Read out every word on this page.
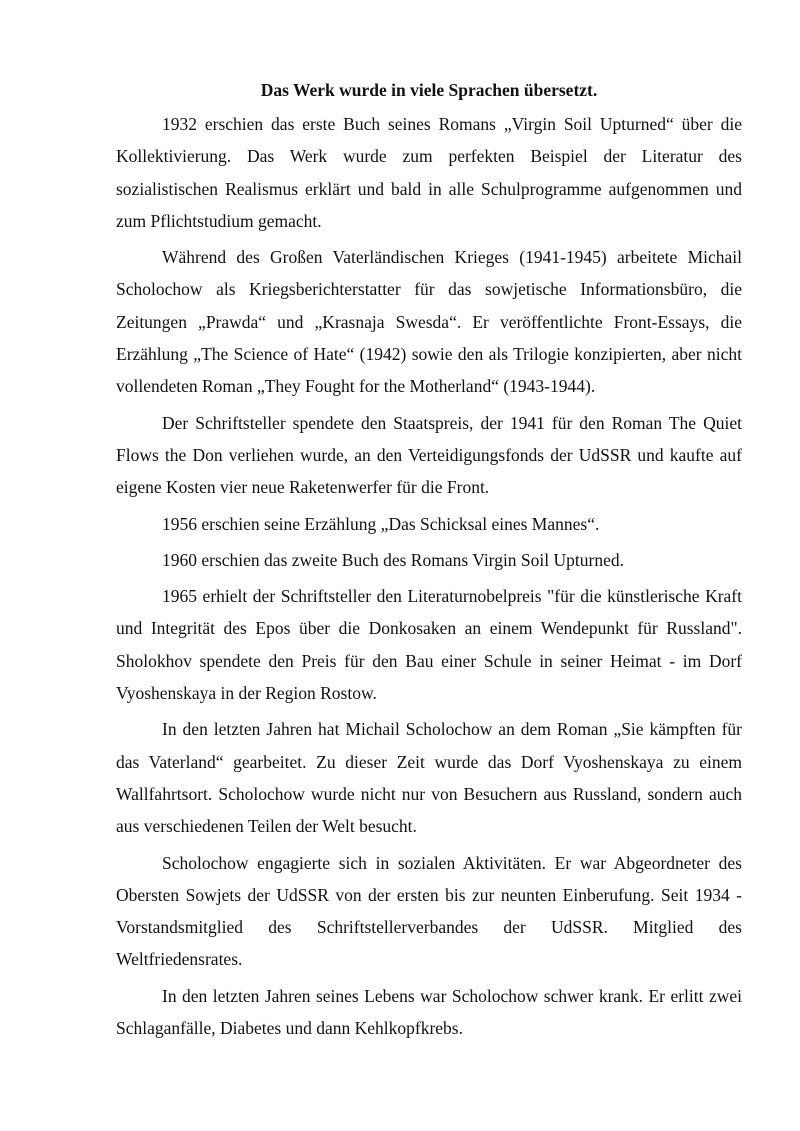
Das Werk wurde in viele Sprachen übersetzt.

1932 erschien das erste Buch seines Romans „Virgin Soil Upturned“ über die Kollektivierung. Das Werk wurde zum perfekten Beispiel der Literatur des sozialistischen Realismus erklärt und bald in alle Schulprogramme aufgenommen und zum Pflichtstudium gemacht.

Während des Großen Vaterländischen Krieges (1941-1945) arbeitete Michail Scholochow als Kriegsberichterstatter für das sowjetische Informationsbüro, die Zeitungen „Prawda“ und „Krasnaja Swesda“. Er veröffentlichte Front-Essays, die Erzählung „The Science of Hate“ (1942) sowie den als Trilogie konzipierten, aber nicht vollendeten Roman „They Fought for the Motherland“ (1943-1944).

Der Schriftsteller spendete den Staatspreis, der 1941 für den Roman The Quiet Flows the Don verliehen wurde, an den Verteidigungsfonds der UdSSR und kaufte auf eigene Kosten vier neue Raketenwerfer für die Front.

1956 erschien seine Erzählung „Das Schicksal eines Mannes“.

1960 erschien das zweite Buch des Romans Virgin Soil Upturned.

1965 erhielt der Schriftsteller den Literaturnobelpreis "für die künstlerische Kraft und Integrität des Epos über die Donkosaken an einem Wendepunkt für Russland". Sholokhov spendete den Preis für den Bau einer Schule in seiner Heimat - im Dorf Vyoshenskaya in der Region Rostow.

In den letzten Jahren hat Michail Scholochow an dem Roman „Sie kämpften für das Vaterland“ gearbeitet. Zu dieser Zeit wurde das Dorf Vyoshenskaya zu einem Wallfahrtsort. Scholochow wurde nicht nur von Besuchern aus Russland, sondern auch aus verschiedenen Teilen der Welt besucht.

Scholochow engagierte sich in sozialen Aktivitäten. Er war Abgeordneter des Obersten Sowjets der UdSSR von der ersten bis zur neunten Einberufung. Seit 1934 - Vorstandsmitglied des Schriftstellerverbandes der UdSSR. Mitglied des Weltfriedensrates.

In den letzten Jahren seines Lebens war Scholochow schwer krank. Er erlitt zwei Schlaganfälle, Diabetes und dann Kehlkopfkrebs.
